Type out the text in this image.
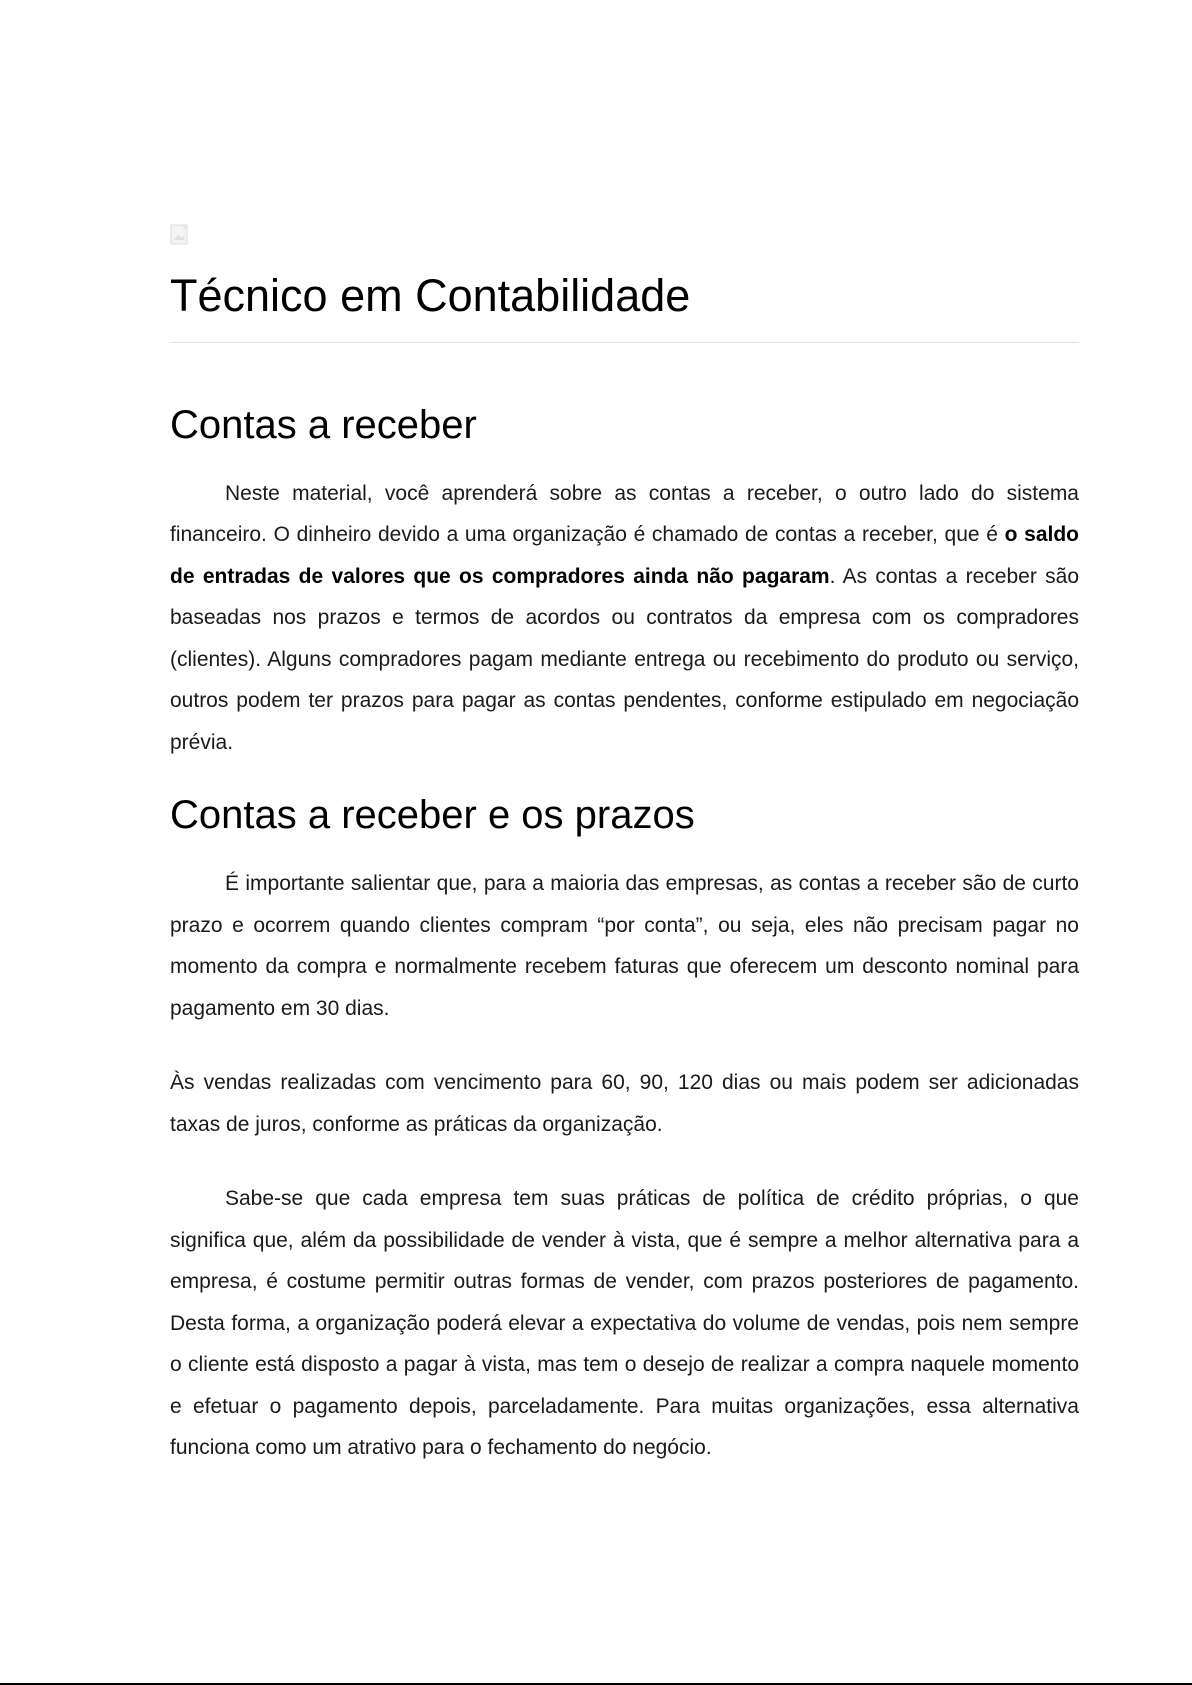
Técnico em Contabilidade
Contas a receber

Neste material, você aprenderá sobre as contas a receber, o outro lado do sistema financeiro. O dinheiro devido a uma organização é chamado de contas a receber, que é o saldo de entradas de valores que os compradores ainda não pagaram. As contas a receber são baseadas nos prazos e termos de acordos ou contratos da empresa com os compradores (clientes). Alguns compradores pagam mediante entrega ou recebimento do produto ou serviço, outros podem ter prazos para pagar as contas pendentes, conforme estipulado em negociação prévia.

Contas a receber e os prazos

É importante salientar que, para a maioria das empresas, as contas a receber são de curto prazo e ocorrem quando clientes compram “por conta”, ou seja, eles não precisam pagar no momento da compra e normalmente recebem faturas que oferecem um desconto nominal para pagamento em 30 dias.

Às vendas realizadas com vencimento para 60, 90, 120 dias ou mais podem ser adicionadas taxas de juros, conforme as práticas da organização.

Sabe-se que cada empresa tem suas práticas de política de crédito próprias, o que significa que, além da possibilidade de vender à vista, que é sempre a melhor alternativa para a empresa, é costume permitir outras formas de vender, com prazos posteriores de pagamento. Desta forma, a organização poderá elevar a expectativa do volume de vendas, pois nem sempre o cliente está disposto a pagar à vista, mas tem o desejo de realizar a compra naquele momento e efetuar o pagamento depois, parceladamente. Para muitas organizações, essa alternativa funciona como um atrativo para o fechamento do negócio.
